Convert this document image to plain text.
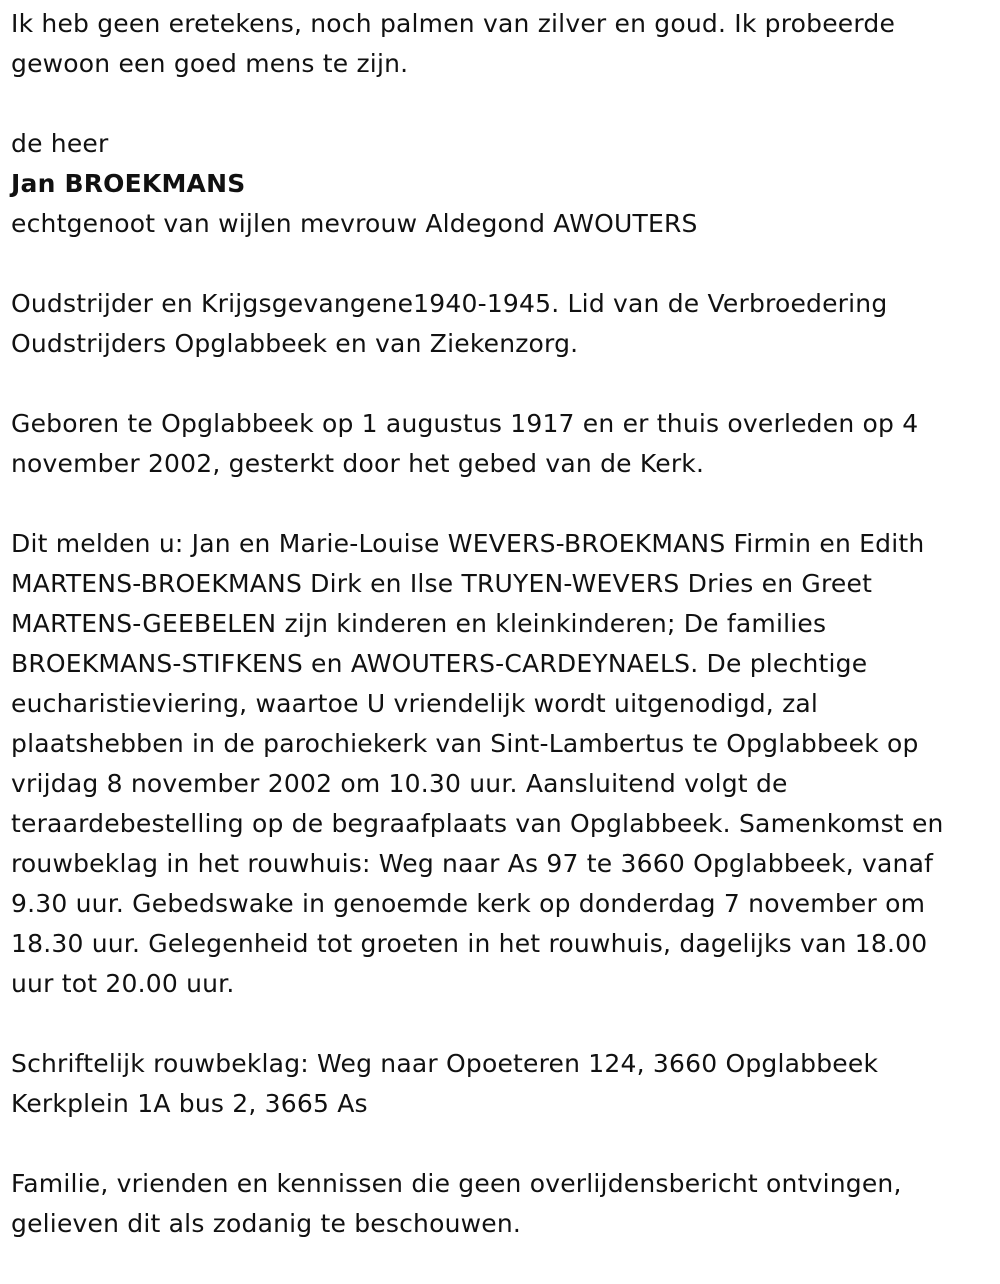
Ik heb geen eretekens, noch palmen van zilver en goud. Ik probeerde
gewoon een goed mens te zijn.
de heer
Jan BROEKMANS
echtgenoot van wijlen mevrouw Aldegond AWOUTERS
Oudstrijder en Krijgsgevangene1940-1945. Lid van de Verbroedering
Oudstrijders Opglabbeek en van Ziekenzorg.
Geboren te Opglabbeek op 1 augustus 1917 en er thuis overleden op 4
november 2002, gesterkt door het gebed van de Kerk.
Dit melden u: Jan en Marie-Louise WEVERS-BROEKMANS Firmin en Edith
MARTENS-BROEKMANS Dirk en Ilse TRUYEN-WEVERS Dries en Greet
MARTENS-GEEBELEN zijn kinderen en kleinkinderen; De families
BROEKMANS-STIFKENS en AWOUTERS-CARDEYNAELS. De plechtige
eucharistieviering, waartoe U vriendelijk wordt uitgenodigd, zal
plaatshebben in de parochiekerk van Sint-Lambertus te Opglabbeek op
vrijdag 8 november 2002 om 10.30 uur. Aansluitend volgt de
teraardebestelling op de begraafplaats van Opglabbeek. Samenkomst en
rouwbeklag in het rouwhuis: Weg naar As 97 te 3660 Opglabbeek, vanaf
9.30 uur. Gebedswake in genoemde kerk op donderdag 7 november om
18.30 uur. Gelegenheid tot groeten in het rouwhuis, dagelijks van 18.00
uur tot 20.00 uur.
Schriftelijk rouwbeklag: Weg naar Opoeteren 124, 3660 Opglabbeek
Kerkplein 1A bus 2, 3665 As
Familie, vrienden en kennissen die geen overlijdensbericht ontvingen,
gelieven dit als zodanig te beschouwen.
